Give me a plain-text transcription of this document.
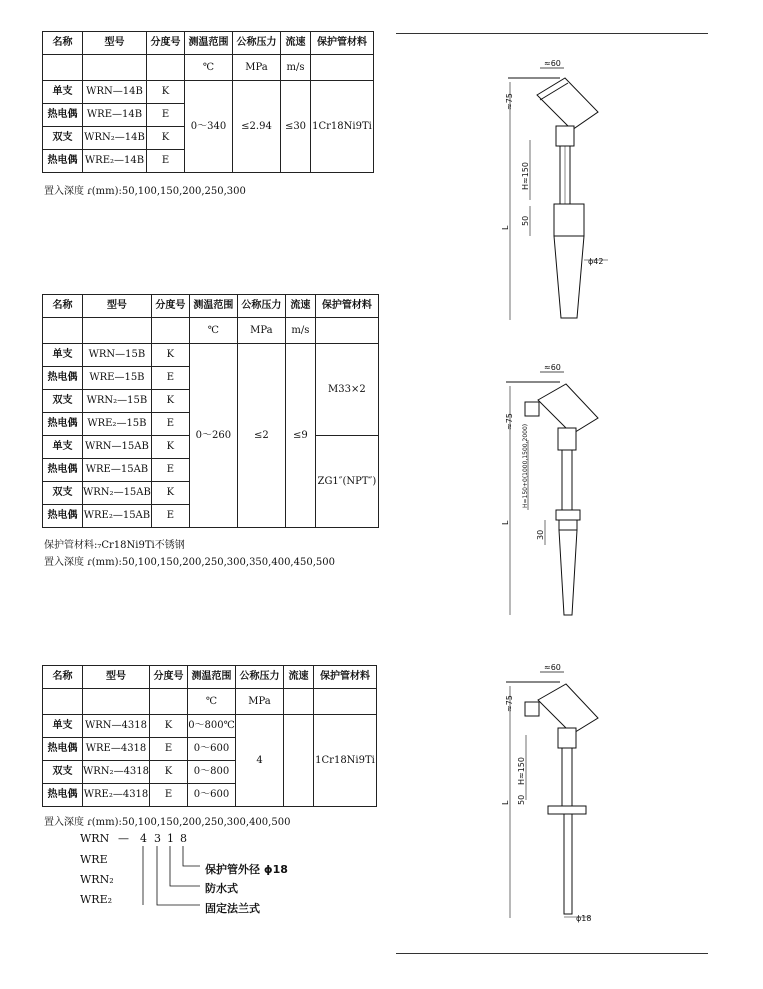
名称	型号	分度号	测温范围	公称压力	流速	保护管材料
			℃	MPa	m/s	
单支	WRN—14B	K	0～340	≤2.94	≤30	1Cr18Ni9Ti
热电偶	WRE—14B	E				
双支	WRN₂—14B	K				
热电偶	WRE₂—14B	E				
置入深度 ɾ(mm):50,100,150,200,250,300
名称	型号	分度号	测温范围	公称压力	流速	保护管材料
			℃	MPa	m/s	
单支	WRN—15B	K	0～260	≤2	≤9	M33×2
热电偶	WRE—15B	E				
双支	WRN₂—15B	K				
热电偶	WRE₂—15B	E				
单支	WRN—15AB	K				ZG1″(NPT″)
热电偶	WRE—15AB	E				
双支	WRN₂—15AB	K				
热电偶	WRE₂—15AB	E				
保护管材料:₇Cr18Ni9Ti不锈钢
置入深度 ɾ(mm):50,100,150,200,250,300,350,400,450,500
名称	型号	分度号	测温范围	公称压力	流速	保护管材料
			℃	MPa		
单支	WRN—4318	K	0～800℃	4		1Cr18Ni9Ti
热电偶	WRE—4318	E	0～600			
双支	WRN₂—4318	K	0～800			
热电偶	WRE₂—4318	E	0～600			
置入深度 ɾ(mm):50,100,150,200,250,300,400,500
WRN — 4 3 1 8
WRE
WRN₂
WRE₂
保护管外径 ϕ18
防水式
固定法兰式
≈60
≈75
H≈150
50
L
ϕ42
≈60
≈75
H=150+0(1000,1500,2000)
30
L
≈60
≈75
H≈150
50
L
ϕ18
